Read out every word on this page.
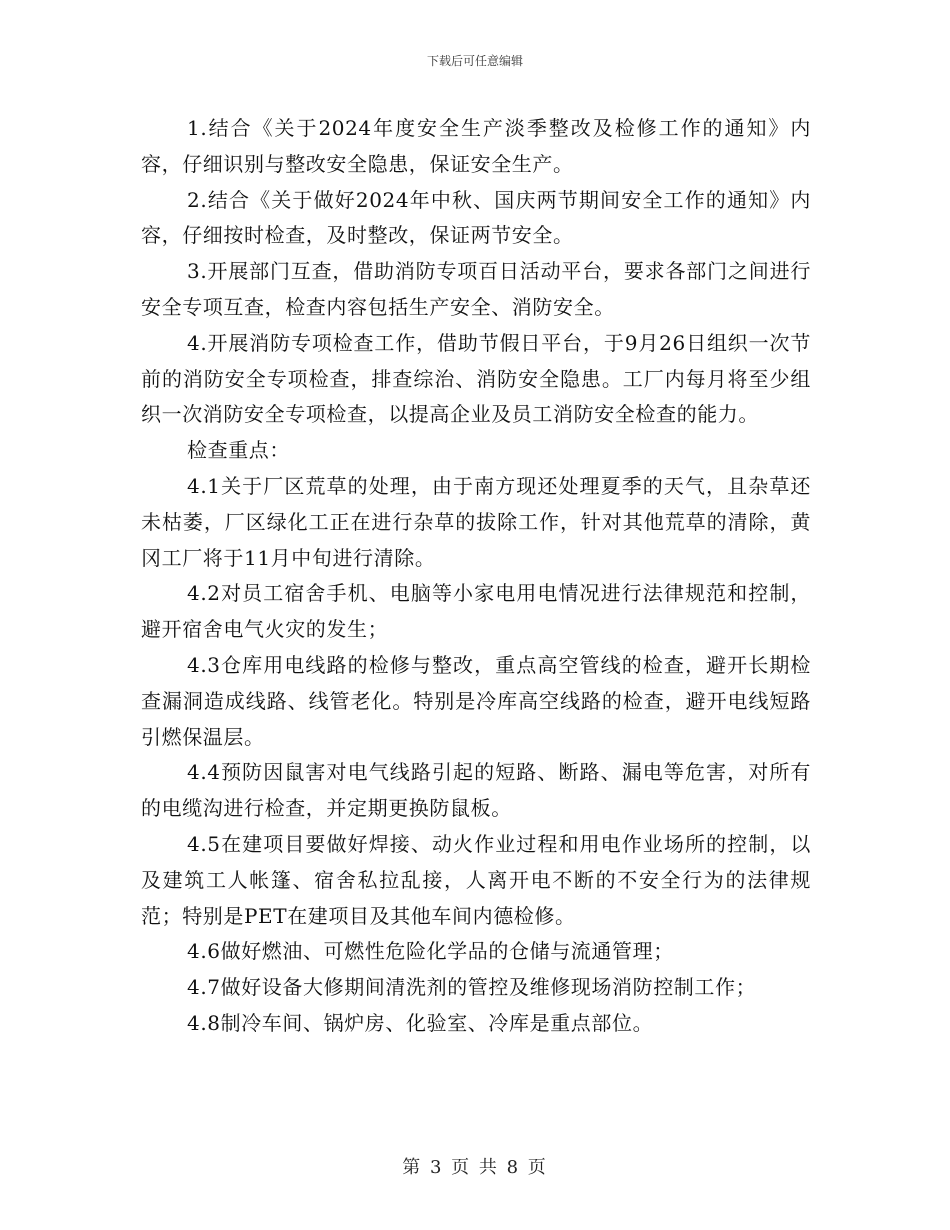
下载后可任意编辑

1.结合《关于2024年度安全生产淡季整改及检修工作的通知》内容，仔细识别与整改安全隐患，保证安全生产。

2.结合《关于做好2024年中秋、国庆两节期间安全工作的通知》内容，仔细按时检查，及时整改，保证两节安全。

3.开展部门互查，借助消防专项百日活动平台，要求各部门之间进行安全专项互查，检查内容包括生产安全、消防安全。

4.开展消防专项检查工作，借助节假日平台，于9月26日组织一次节前的消防安全专项检查，排查综治、消防安全隐患。工厂内每月将至少组织一次消防安全专项检查，以提高企业及员工消防安全检查的能力。

检查重点：

4.1关于厂区荒草的处理，由于南方现还处理夏季的天气，且杂草还未枯萎，厂区绿化工正在进行杂草的拔除工作，针对其他荒草的清除，黄冈工厂将于11月中旬进行清除。

4.2对员工宿舍手机、电脑等小家电用电情况进行法律规范和控制，避开宿舍电气火灾的发生；

4.3仓库用电线路的检修与整改，重点高空管线的检查，避开长期检查漏洞造成线路、线管老化。特别是冷库高空线路的检查，避开电线短路引燃保温层。

4.4预防因鼠害对电气线路引起的短路、断路、漏电等危害，对所有的电缆沟进行检查，并定期更换防鼠板。

4.5在建项目要做好焊接、动火作业过程和用电作业场所的控制，以及建筑工人帐篷、宿舍私拉乱接，人离开电不断的不安全行为的法律规范；特别是PET在建项目及其他车间内德检修。

4.6做好燃油、可燃性危险化学品的仓储与流通管理；

4.7做好设备大修期间清洗剂的管控及维修现场消防控制工作；

4.8制冷车间、锅炉房、化验室、冷库是重点部位。

第 3 页 共 8 页
